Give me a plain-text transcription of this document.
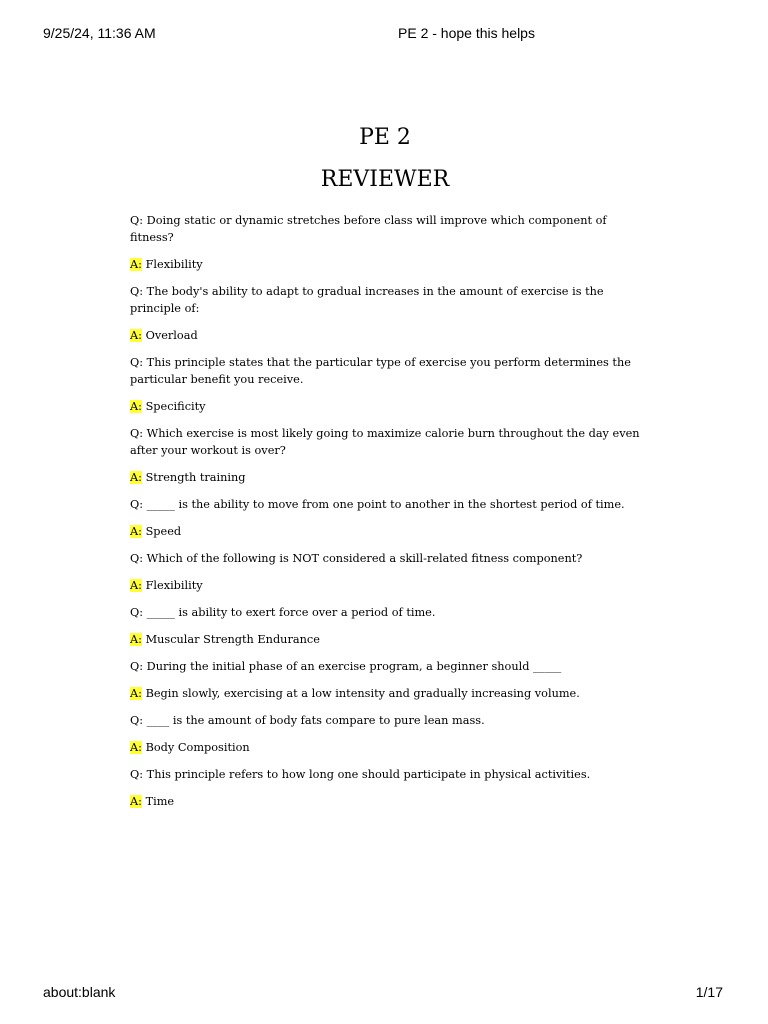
9/25/24, 11:36 AM	PE 2 - hope this helps
PE 2
REVIEWER

Q: Doing static or dynamic stretches before class will improve which component of fitness?

A: Flexibility

Q: The body's ability to adapt to gradual increases in the amount of exercise is the principle of:

A: Overload

Q: This principle states that the particular type of exercise you perform determines the particular benefit you receive.

A: Specificity

Q: Which exercise is most likely going to maximize calorie burn throughout the day even after your workout is over?

A: Strength training

Q: _____ is the ability to move from one point to another in the shortest period of time.

A: Speed

Q: Which of the following is NOT considered a skill-related fitness component?

A: Flexibility

Q: _____ is ability to exert force over a period of time.

A: Muscular Strength Endurance

Q: During the initial phase of an exercise program, a beginner should _____

A: Begin slowly, exercising at a low intensity and gradually increasing volume.

Q: ____ is the amount of body fats compare to pure lean mass.

A: Body Composition

Q: This principle refers to how long one should participate in physical activities.

A: Time

about:blank	1/17
